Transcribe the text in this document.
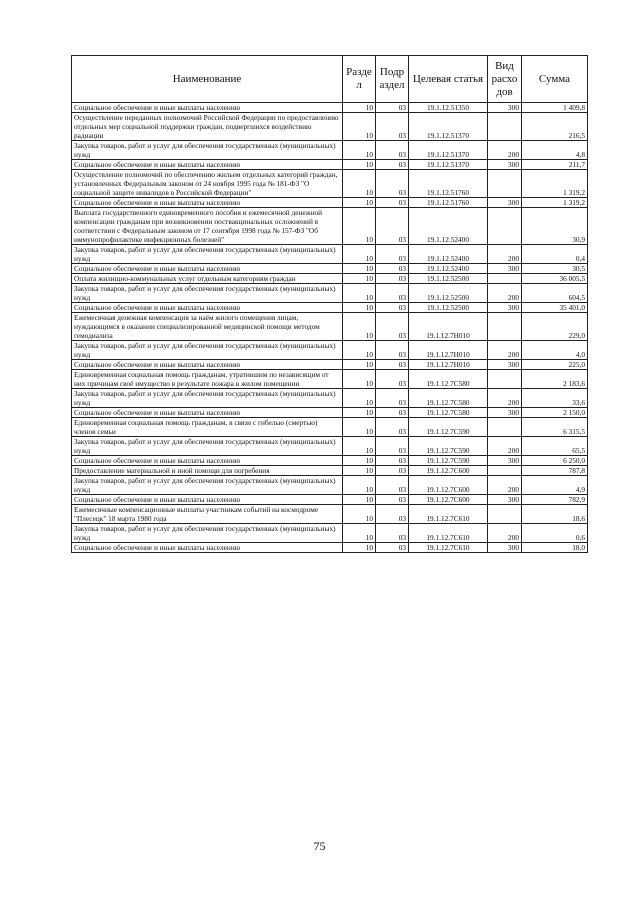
Наименование	Разде л	Подр аздел	Целевая статья	Вид расхо дов	Сумма
Социальное обеспечение и иные выплаты населению	10	03	19.1.12.51350	300	1 409,8
Осуществление переданных полномочий Российской Федерации по предоставлению отдельных мер социальной поддержки граждан, подвергшихся воздействию радиации	10	03	19.1.12.51370		216,5
Закупка товаров, работ и услуг для обеспечения государственных (муниципальных) нужд	10	03	19.1.12.51370	200	4,8
Социальное обеспечение и иные выплаты населению	10	03	19.1.12.51370	300	211,7
Осуществление полномочий по обеспечению жильем отдельных категорий граждан, установленных Федеральным законом от 24 ноября 1995 года № 181-ФЗ "О социальной защите инвалидов в Российской Федерации"	10	03	19.1.12.51760		1 319,2
Социальное обеспечение и иные выплаты населению	10	03	19.1.12.51760	300	1 319,2
Выплата государственного единовременного пособия и ежемесячной денежной компенсации гражданам при возникновении поствакцинальных осложнений в соответствии с Федеральным законом от 17 сентября 1998 года № 157-ФЗ "Об иммунопрофилактике инфекционных болезней"	10	03	19.1.12.52400		30,9
Закупка товаров, работ и услуг для обеспечения государственных (муниципальных) нужд	10	03	19.1.12.52400	200	0,4
Социальное обеспечение и иные выплаты населению	10	03	19.1.12.52400	300	30,5
Оплата жилищно-коммунальных услуг отдельным категориям граждан	10	03	19.1.12.52500		36 005,5
Закупка товаров, работ и услуг для обеспечения государственных (муниципальных) нужд	10	03	19.1.12.52500	200	604,5
Социальное обеспечение и иные выплаты населению	10	03	19.1.12.52500	300	35 401,0
Ежемесячная денежная компенсация за наём жилого помещения лицам, нуждающимся в оказании специализированной медицинской помощи методом гемодиализа	10	03	19.1.12.7Н010		229,0
Закупка товаров, работ и услуг для обеспечения государственных (муниципальных) нужд	10	03	19.1.12.7Н010	200	4,0
Социальное обеспечение и иные выплаты населению	10	03	19.1.12.7Н010	300	225,0
Единовременная социальная помощь гражданам, утратившим по независящим от них причинам своё имущество в результате пожара в жилом помещении	10	03	19.1.12.7С580		2 183,6
Закупка товаров, работ и услуг для обеспечения государственных (муниципальных) нужд	10	03	19.1.12.7С580	200	33,6
Социальное обеспечение и иные выплаты населению	10	03	19.1.12.7С580	300	2 150,0
Единовременная социальная помощь гражданам, в связи с гибелью (смертью) членов семьи	10	03	19.1.12.7С590		6 315,5
Закупка товаров, работ и услуг для обеспечения государственных (муниципальных) нужд	10	03	19.1.12.7С590	200	65,5
Социальное обеспечение и иные выплаты населению	10	03	19.1.12.7С590	300	6 250,0
Предоставление материальной и иной помощи для погребения	10	03	19.1.12.7С600		787,8
Закупка товаров, работ и услуг для обеспечения государственных (муниципальных) нужд	10	03	19.1.12.7С600	200	4,9
Социальное обеспечение и иные выплаты населению	10	03	19.1.12.7С600	300	782,9
Ежемесячные компенсационные выплаты участникам событий на космодроме "Плесецк" 18 марта 1980 года	10	03	19.1.12.7С610		18,6
Закупка товаров, работ и услуг для обеспечения государственных (муниципальных) нужд	10	03	19.1.12.7С610	200	0,6
Социальное обеспечение и иные выплаты населению	10	03	19.1.12.7С610	300	18,0
75
